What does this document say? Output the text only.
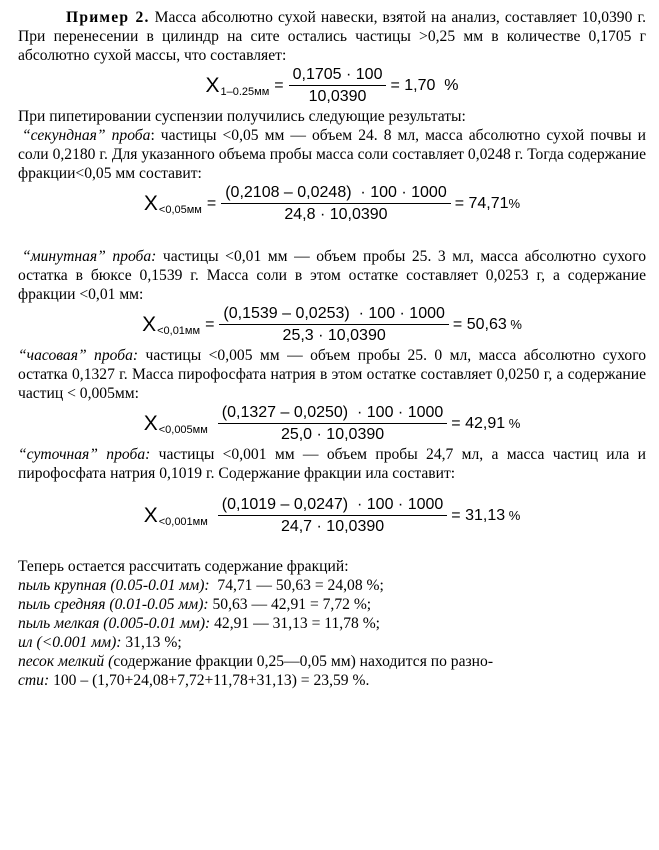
Пример 2. Масса абсолютно сухой навески, взятой на анализ, составляет 10,0390 г. При перенесении в цилиндр на сите остались частицы >0,25 мм в количестве 0,1705 г абсолютно сухой массы, что составляет:

X $1-0.25мм = \frac{0,1705 \cdot 100}{10,0390} = 1,70$  %

При пипетировании суспензии получились следующие результаты:

“секундная” проба: частицы <0,05 мм — объем 24. 8 мл, масса абсолютно сухой почвы и соли 0,2180 г. Для указанного объема пробы масса соли составляет 0,0248 г. Тогда содержание фракции<0,05 мм составит:

$X <0,05мм = \frac{(0,2108 - 0,0248) \cdot 100 \cdot 1000}{24,8 \cdot 10,0390} = 74,71\%$

“минутная” проба: частицы <0,01 мм — объем пробы 25. 3 мл, масса абсолютно сухого остатка в бюксе 0,1539 г. Масса соли в этом остатке составляет 0,0253 г, а содержание фракции <0,01 мм:

$X <0,01мм = \frac{(0,1539 - 0,0253) \cdot 100 \cdot 1000}{25,3 \cdot 10,0390} = 50,63$ %

“часовая” проба: частицы <0,005 мм — объем пробы 25. 0 мл, масса абсолютно сухого остатка 0,1327 г. Масса пирофосфата натрия в этом остатке составляет 0,0250 г, а содержание частиц < 0,005мм:

$X <0,005мм \frac{(0,1327 - 0,0250) \cdot 100 \cdot 1000}{25,0 \cdot 10,0390} = 42,91$ %

“суточная” проба: частицы <0,001 мм — объем пробы 24,7 мл, а масса частиц ила и пирофосфата натрия 0,1019 г. Содержание фракции ила составит:

$X <0,001мм \frac{(0,1019 - 0,0247) \cdot 100 \cdot 1000}{24,7 \cdot 10,0390} = 31,13$ %

Теперь остается рассчитать содержание фракций:

пыль крупная (0.05-0.01 мм):  74,71 — 50,63 = 24,08 %;

пыль средняя (0.01-0.05 мм): 50,63 — 42,91 = 7,72 %;

пыль мелкая (0.005-0.01 мм): 42,91 — 31,13 = 11,78 %;

ил (<0.001 мм): 31,13 %;

песок мелкий (содержание фракции 0,25—0,05 мм) находится по разно-
сти: 100 – (1,70+24,08+7,72+11,78+31,13) = 23,59 %.
